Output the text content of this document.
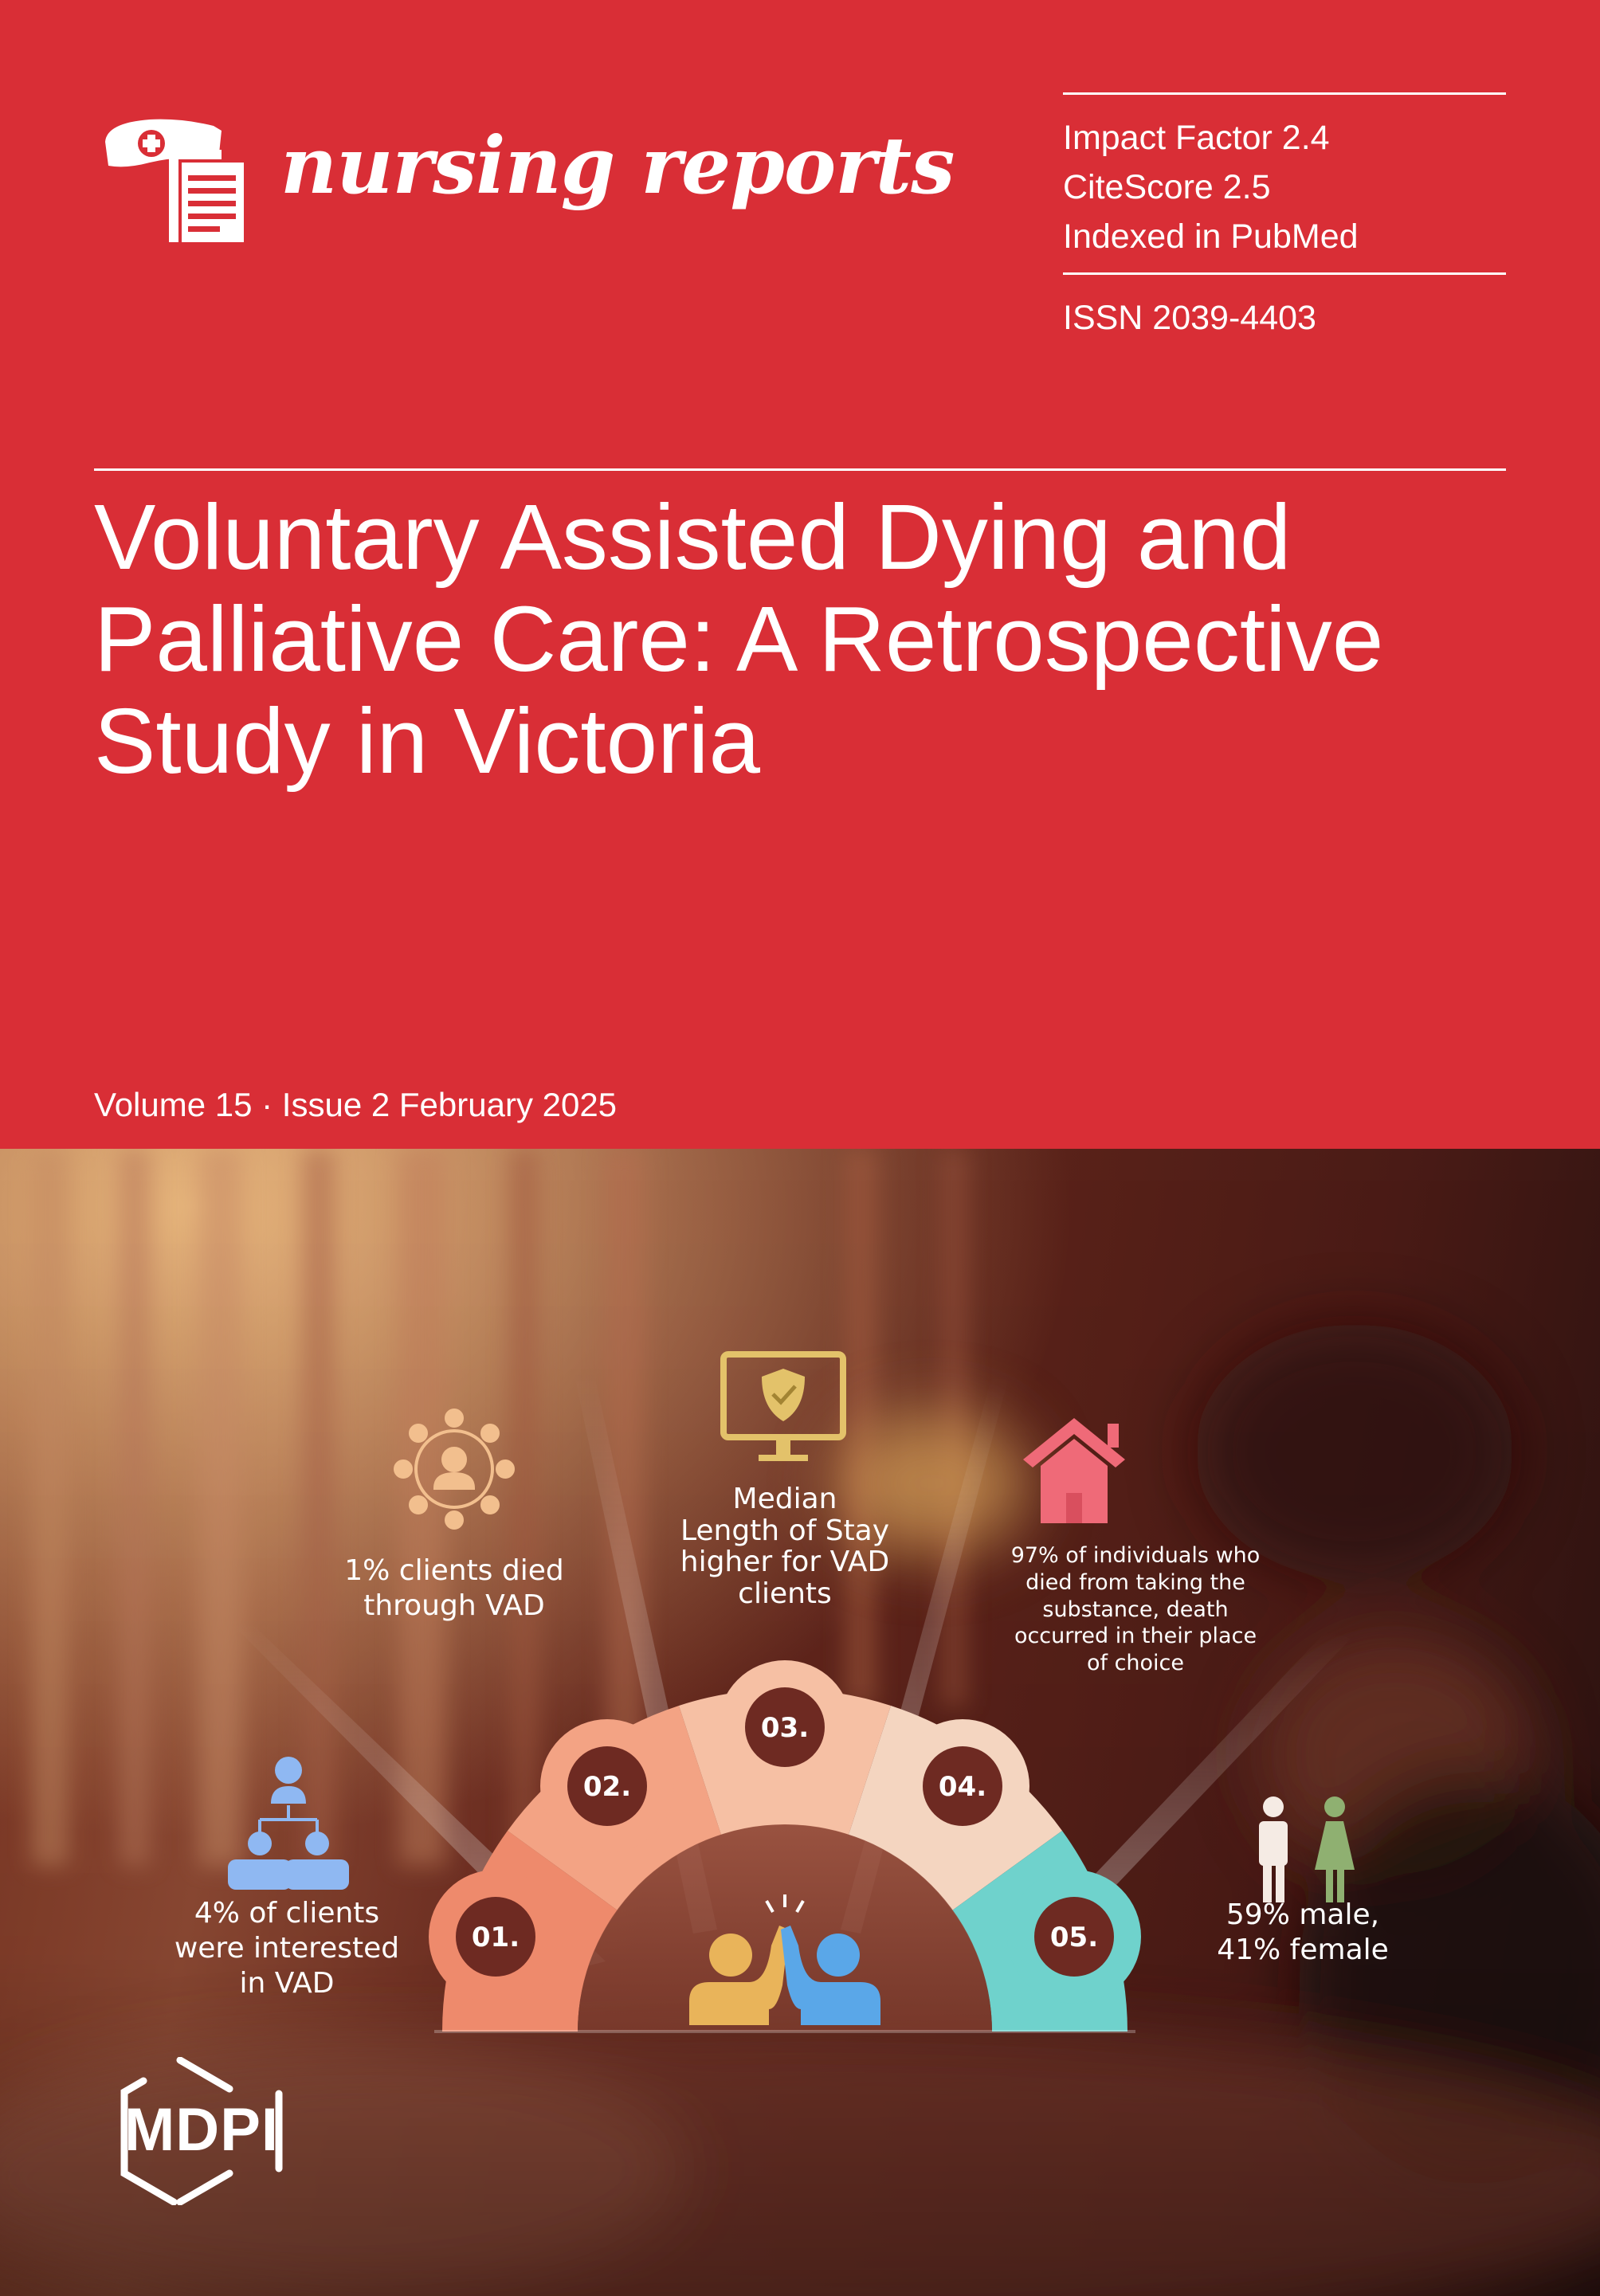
nursing reports	Impact Factor 2.4
CiteScore 2.5
Indexed in PubMed
ISSN 2039-4403
Voluntary Assisted Dying and
Palliative Care: A Retrospective
Study in Victoria
Volume 15 · Issue 2 February 2025
01.
02.
03.
04.
05.
4% of clients
were interested
in VAD
1% clients died
through VAD
Median
Length of Stay
higher for VAD
clients
97% of individuals who
died from taking the
substance, death
occurred in their place
of choice
59% male,
41% female
MDPI
